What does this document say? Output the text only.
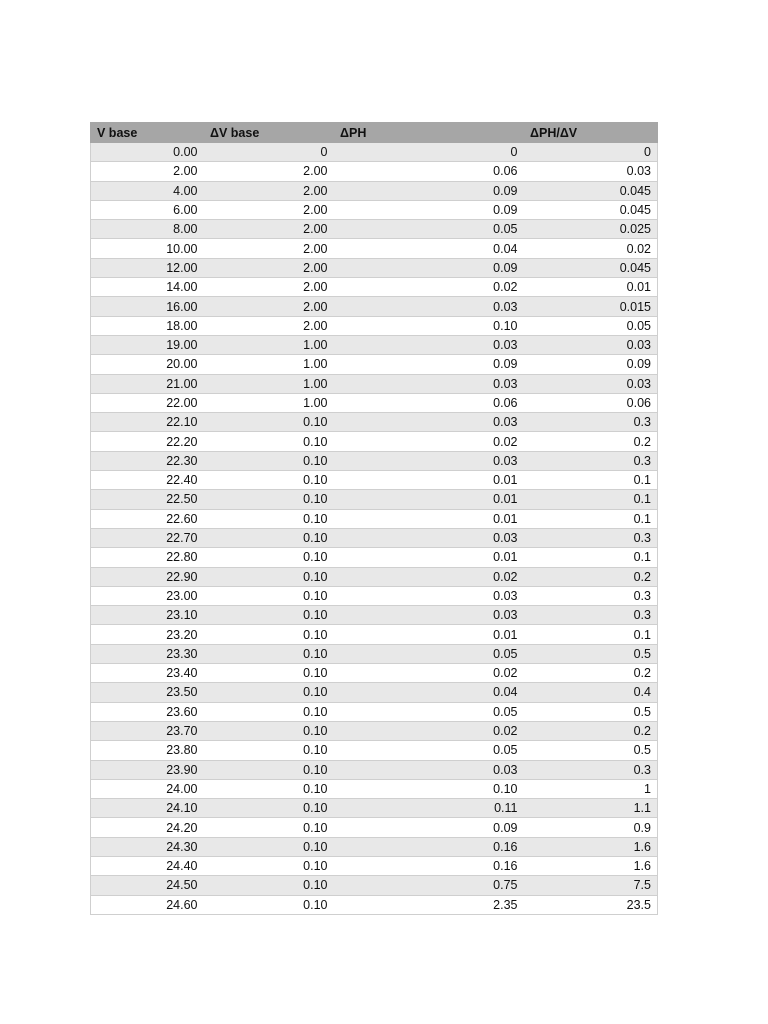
V base	ΔV base	ΔPH	ΔPH/ΔV
0.00	0	0	0
2.00	2.00	0.06	0.03
4.00	2.00	0.09	0.045
6.00	2.00	0.09	0.045
8.00	2.00	0.05	0.025
10.00	2.00	0.04	0.02
12.00	2.00	0.09	0.045
14.00	2.00	0.02	0.01
16.00	2.00	0.03	0.015
18.00	2.00	0.10	0.05
19.00	1.00	0.03	0.03
20.00	1.00	0.09	0.09
21.00	1.00	0.03	0.03
22.00	1.00	0.06	0.06
22.10	0.10	0.03	0.3
22.20	0.10	0.02	0.2
22.30	0.10	0.03	0.3
22.40	0.10	0.01	0.1
22.50	0.10	0.01	0.1
22.60	0.10	0.01	0.1
22.70	0.10	0.03	0.3
22.80	0.10	0.01	0.1
22.90	0.10	0.02	0.2
23.00	0.10	0.03	0.3
23.10	0.10	0.03	0.3
23.20	0.10	0.01	0.1
23.30	0.10	0.05	0.5
23.40	0.10	0.02	0.2
23.50	0.10	0.04	0.4
23.60	0.10	0.05	0.5
23.70	0.10	0.02	0.2
23.80	0.10	0.05	0.5
23.90	0.10	0.03	0.3
24.00	0.10	0.10	1
24.10	0.10	0.11	1.1
24.20	0.10	0.09	0.9
24.30	0.10	0.16	1.6
24.40	0.10	0.16	1.6
24.50	0.10	0.75	7.5
24.60	0.10	2.35	23.5
